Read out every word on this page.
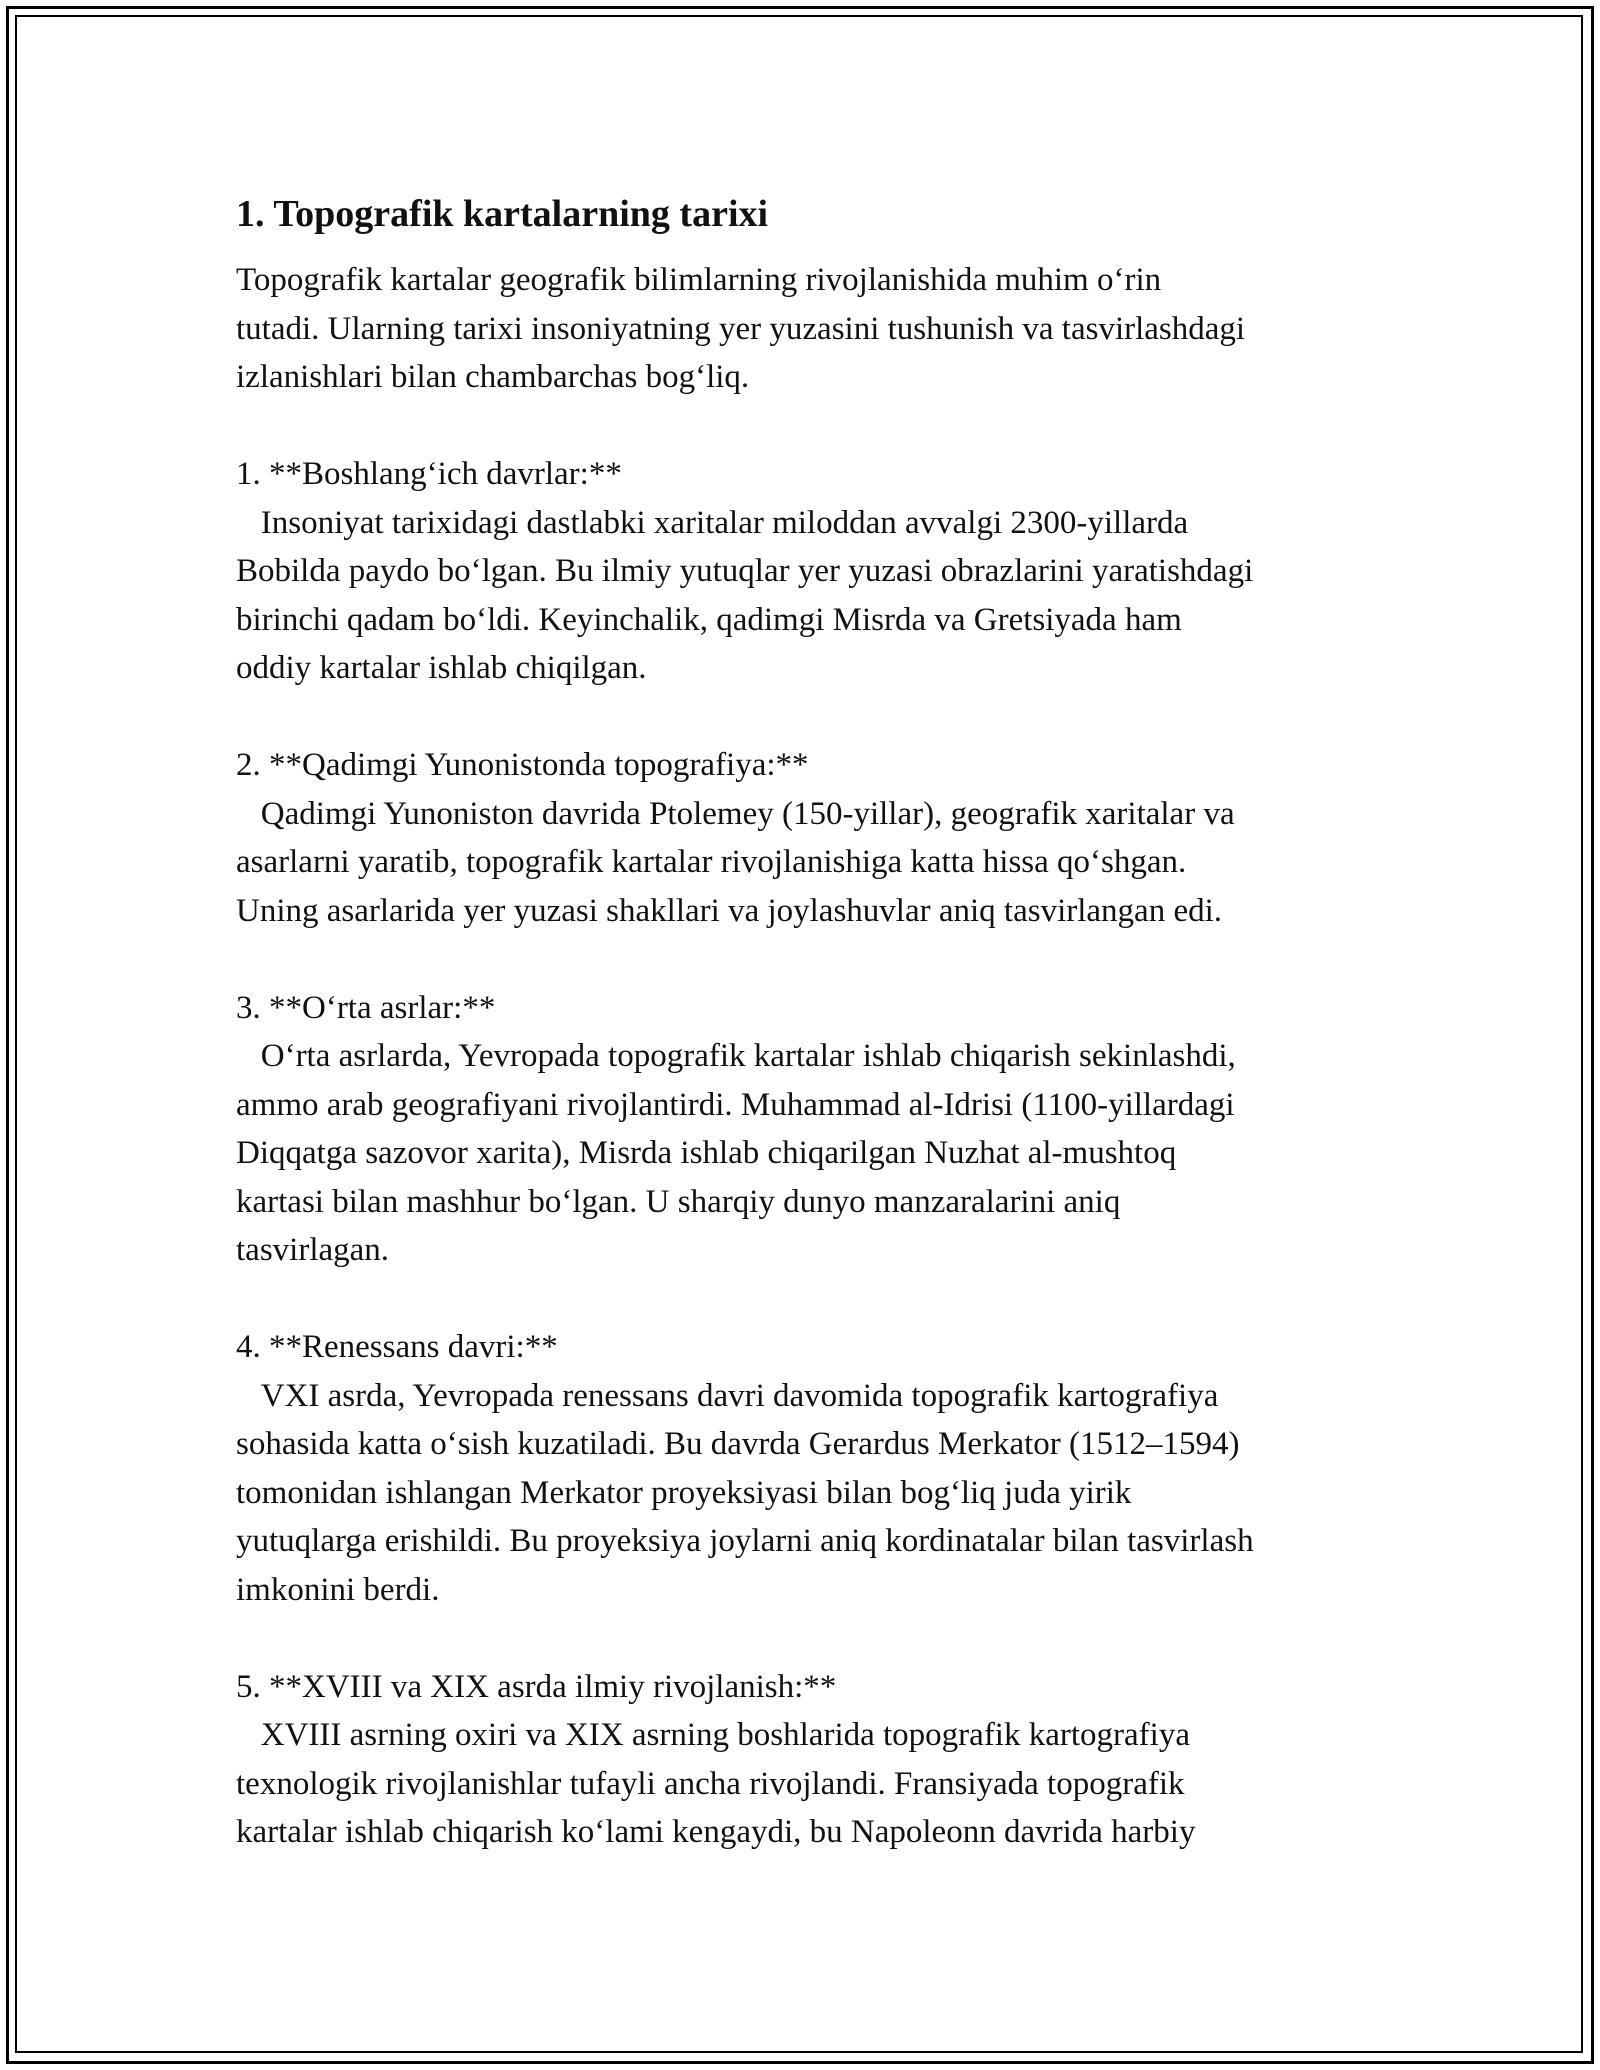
1. Topografik kartalarning tarixi

Topografik kartalar geografik bilimlarning rivojlanishida muhim o‘rin
tutadi. Ularning tarixi insoniyatning yer yuzasini tushunish va tasvirlashdagi
izlanishlari bilan chambarchas bog‘liq.

1. **Boshlang‘ich davrlar:**

Insoniyat tarixidagi dastlabki xaritalar miloddan avvalgi 2300-yillarda
Bobilda paydo bo‘lgan. Bu ilmiy yutuqlar yer yuzasi obrazlarini yaratishdagi
birinchi qadam bo‘ldi. Keyinchalik, qadimgi Misrda va Gretsiyada ham
oddiy kartalar ishlab chiqilgan.

2. **Qadimgi Yunonistonda topografiya:**

Qadimgi Yunoniston davrida Ptolemey (150-yillar), geografik xaritalar va
asarlarni yaratib, topografik kartalar rivojlanishiga katta hissa qo‘shgan.
Uning asarlarida yer yuzasi shakllari va joylashuvlar aniq tasvirlangan edi.

3. **O‘rta asrlar:**

O‘rta asrlarda, Yevropada topografik kartalar ishlab chiqarish sekinlashdi,
ammo arab geografiyani rivojlantirdi. Muhammad al-Idrisi (1100-yillardagi
Diqqatga sazovor xarita), Misrda ishlab chiqarilgan Nuzhat al-mushtoq
kartasi bilan mashhur bo‘lgan. U sharqiy dunyo manzaralarini aniq
tasvirlagan.

4. **Renessans davri:**

VXI asrda, Yevropada renessans davri davomida topografik kartografiya
sohasida katta o‘sish kuzatiladi. Bu davrda Gerardus Merkator (1512–1594)
tomonidan ishlangan Merkator proyeksiyasi bilan bog‘liq juda yirik
yutuqlarga erishildi. Bu proyeksiya joylarni aniq kordinatalar bilan tasvirlash
imkonini berdi.

5. **XVIII va XIX asrda ilmiy rivojlanish:**

XVIII asrning oxiri va XIX asrning boshlarida topografik kartografiya
texnologik rivojlanishlar tufayli ancha rivojlandi. Fransiyada topografik
kartalar ishlab chiqarish ko‘lami kengaydi, bu Napoleonn davrida harbiy
